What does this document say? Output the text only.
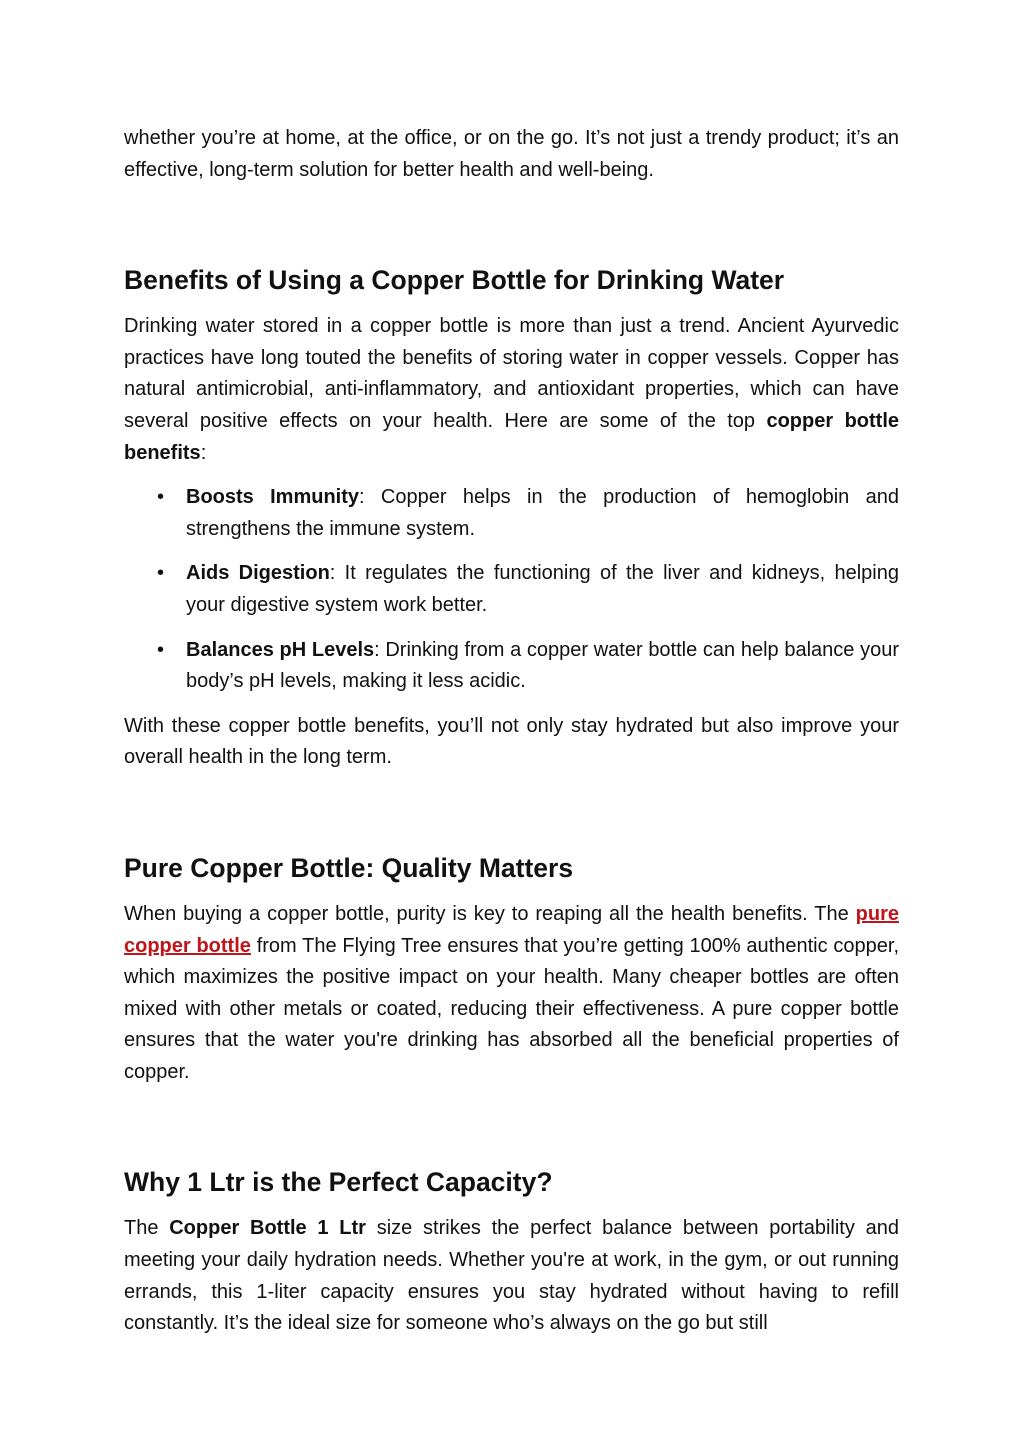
whether you’re at home, at the office, or on the go. It’s not just a trendy product; it’s an effective, long-term solution for better health and well-being.

Benefits of Using a Copper Bottle for Drinking Water

Drinking water stored in a copper bottle is more than just a trend. Ancient Ayurvedic practices have long touted the benefits of storing water in copper vessels. Copper has natural antimicrobial, anti-inflammatory, and antioxidant properties, which can have several positive effects on your health. Here are some of the top copper bottle benefits:

• Boosts Immunity: Copper helps in the production of hemoglobin and strengthens the immune system.

• Aids Digestion: It regulates the functioning of the liver and kidneys, helping your digestive system work better.

• Balances pH Levels: Drinking from a copper water bottle can help balance your body’s pH levels, making it less acidic.

With these copper bottle benefits, you’ll not only stay hydrated but also improve your overall health in the long term.

Pure Copper Bottle: Quality Matters

When buying a copper bottle, purity is key to reaping all the health benefits. The pure copper bottle from The Flying Tree ensures that you’re getting 100% authentic copper, which maximizes the positive impact on your health. Many cheaper bottles are often mixed with other metals or coated, reducing their effectiveness. A pure copper bottle ensures that the water you're drinking has absorbed all the beneficial properties of copper.

Why 1 Ltr is the Perfect Capacity?

The Copper Bottle 1 Ltr size strikes the perfect balance between portability and meeting your daily hydration needs. Whether you're at work, in the gym, or out running errands, this 1-liter capacity ensures you stay hydrated without having to refill constantly. It’s the ideal size for someone who’s always on the go but still
